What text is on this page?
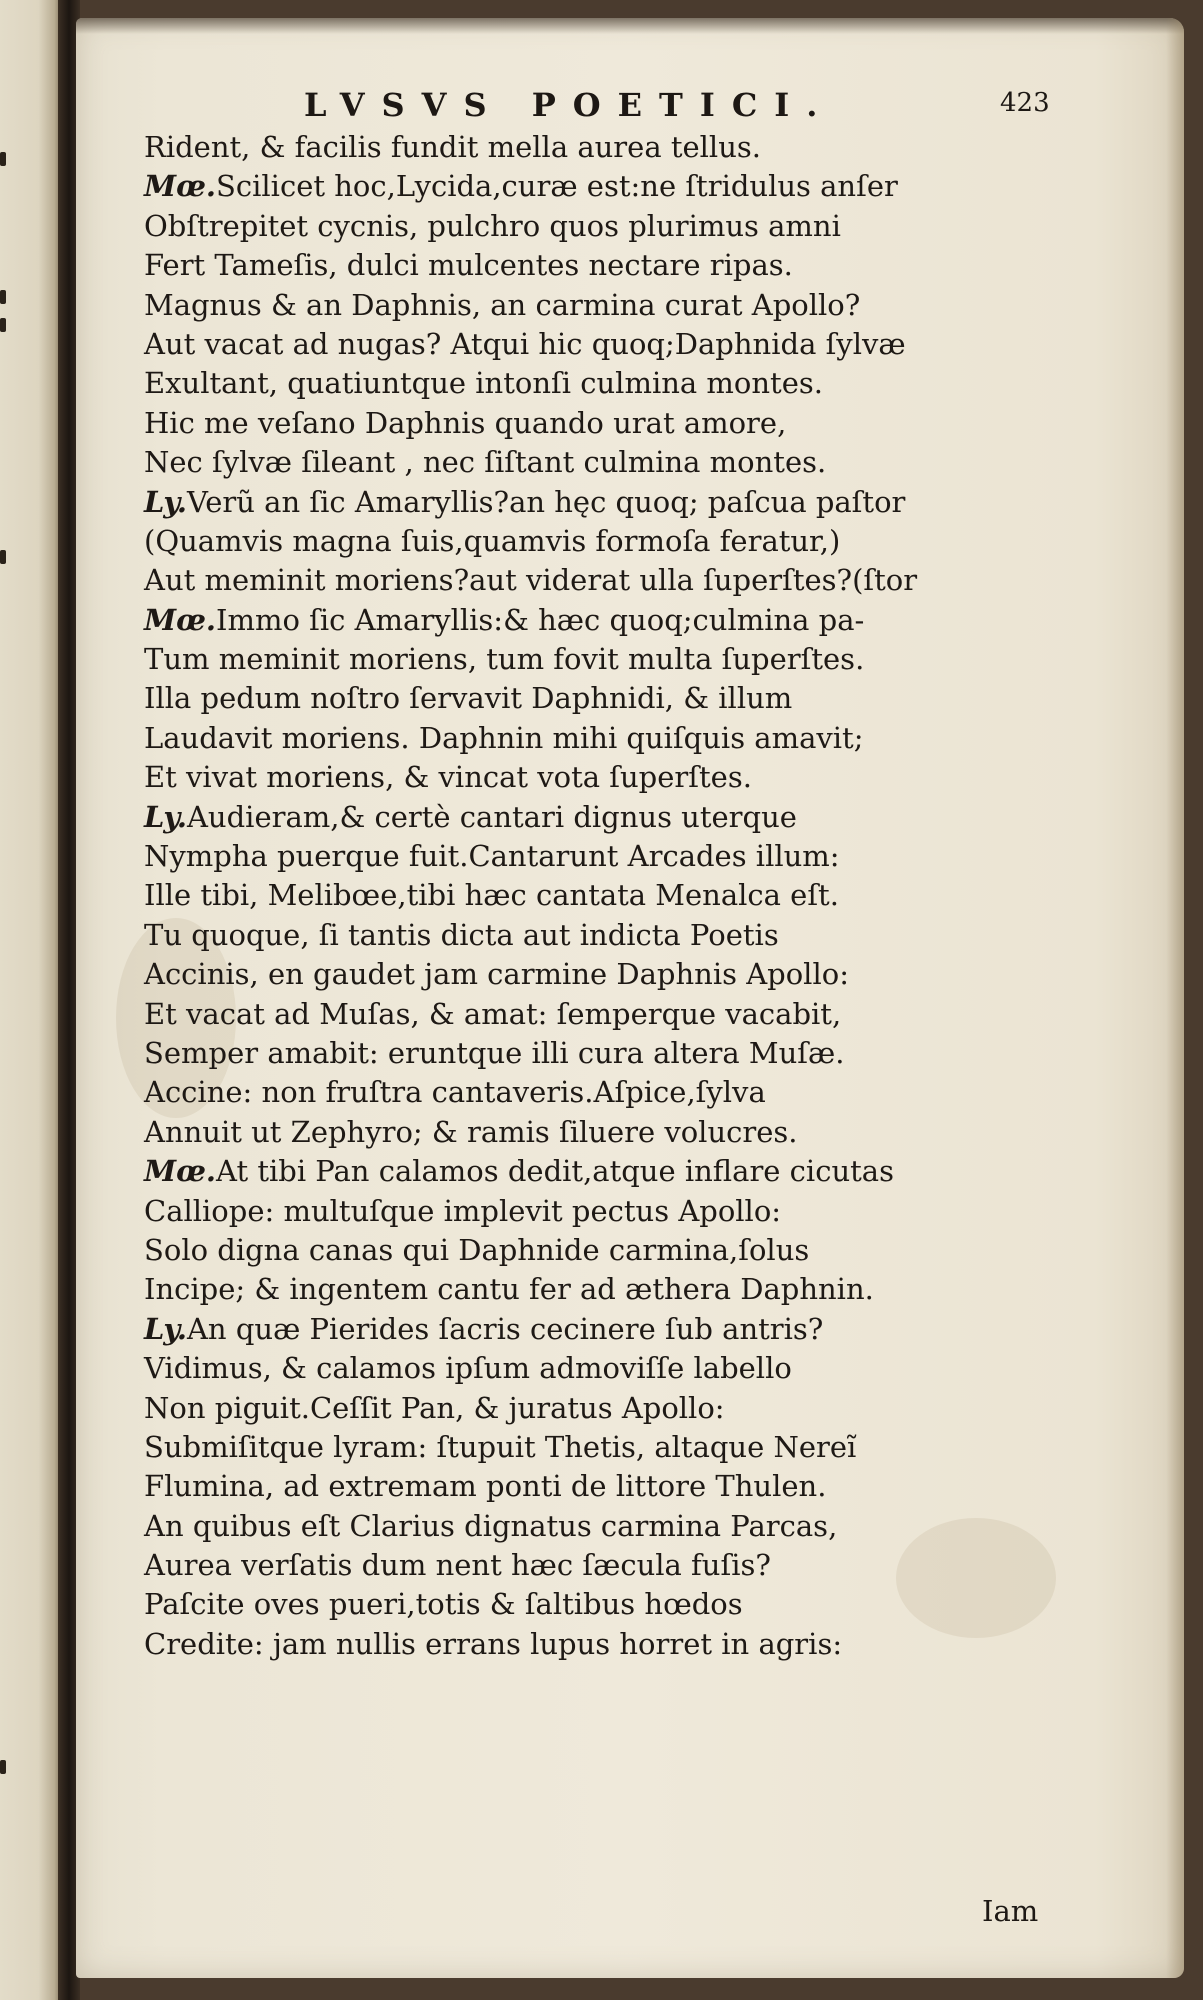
LVSVS POETICI.	423
Rident, & facilis fundit mella aurea tellus.
Mœ.Scilicet hoc,Lycida,curæ est:ne ſtridulus anſer
Obſtrepitet cycnis, pulchro quos plurimus amni
Fert Tameſis, dulci mulcentes nectare ripas.
Magnus & an Daphnis, an carmina curat Apollo?
Aut vacat ad nugas? Atqui hic quoq;Daphnida ſylvæ
Exultant, quatiuntque intonſi culmina montes.
Hic me veſano Daphnis quando urat amore,
Nec ſylvæ ſileant , nec ſiſtant culmina montes.
Ly.Verũ an ſic Amaryllis?an hęc quoq; paſcua paſtor
(Quamvis magna ſuis,quamvis formoſa feratur,)
Aut meminit moriens?aut viderat ulla ſuperſtes?(ſtor
Mœ.Immo ſic Amaryllis:& hæc quoq;culmina pa-
Tum meminit moriens, tum fovit multa ſuperſtes.
Illa pedum noſtro ſervavit Daphnidi, & illum
Laudavit moriens. Daphnin mihi quiſquis amavit;
Et vivat moriens, & vincat vota ſuperſtes.
Ly.Audieram,& certè cantari dignus uterque
Nympha puerque fuit.Cantarunt Arcades illum:
Ille tibi, Melibœe,tibi hæc cantata Menalca eſt.
Tu quoque, ſi tantis dicta aut indicta Poetis
Accinis, en gaudet jam carmine Daphnis Apollo:
Et vacat ad Muſas, & amat: ſemperque vacabit,
Semper amabit: eruntque illi cura altera Muſæ.
Accine: non fruſtra cantaveris.Aſpice,ſylva
Annuit ut Zephyro; & ramis ſiluere volucres.
Mœ.At tibi Pan calamos dedit,atque inflare cicutas
Calliope: multuſque implevit pectus Apollo:
Solo digna canas qui Daphnide carmina,ſolus
Incipe; & ingentem cantu fer ad æthera Daphnin.
Ly.An quæ Pierides ſacris cecinere ſub antris?
Vidimus, & calamos ipſum admoviſſe labello
Non piguit.Ceſſit Pan, & juratus Apollo:
Submiſitque lyram: ſtupuit Thetis, altaque Nereĩ
Flumina, ad extremam ponti de littore Thulen.
An quibus eſt Clarius dignatus carmina Parcas,
Aurea verſatis dum nent hæc ſæcula fuſis?
Paſcite oves pueri,totis & ſaltibus hœdos
Credite: jam nullis errans lupus horret in agris:
Iam
